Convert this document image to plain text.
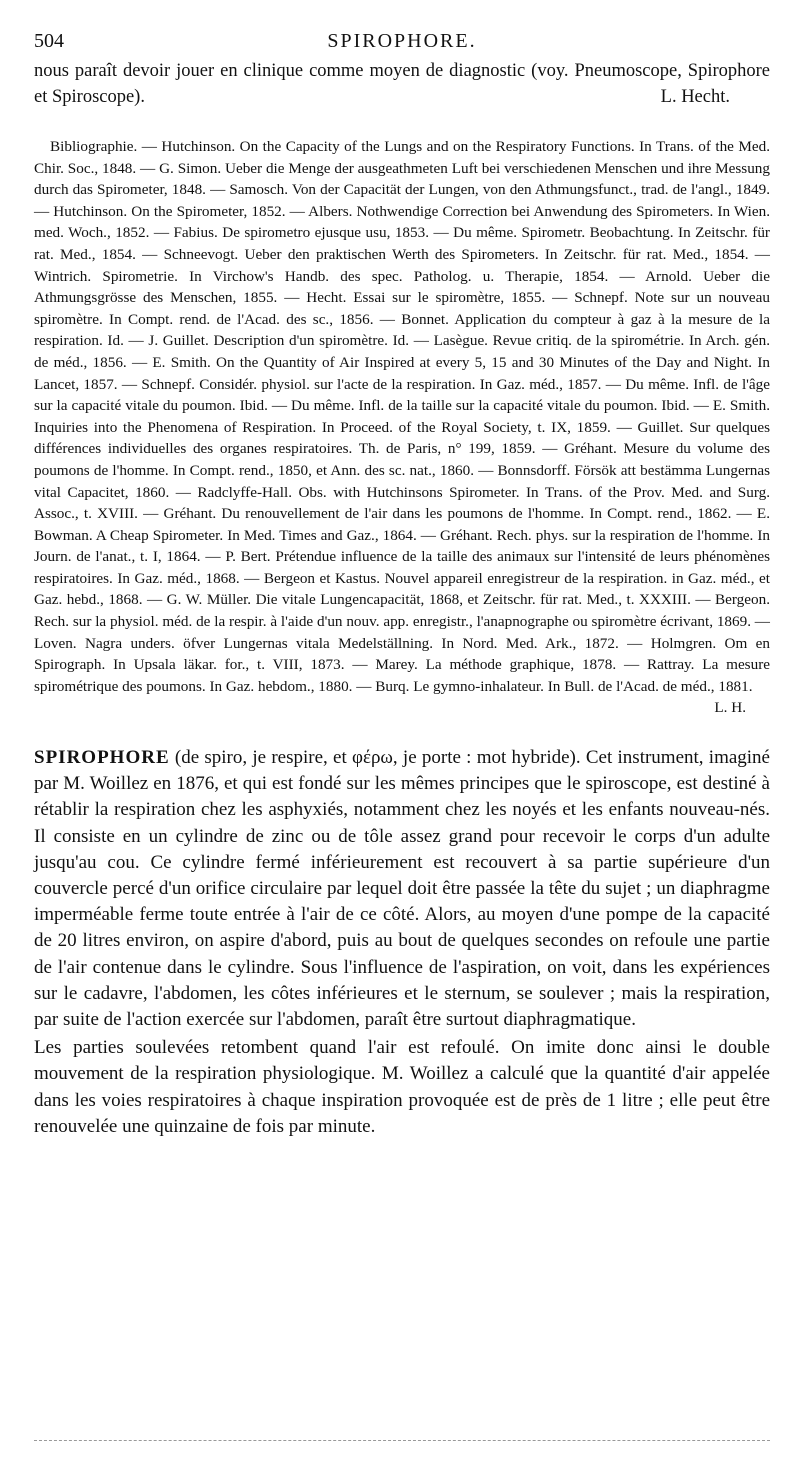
504	SPIROPHORE.

nous paraît devoir jouer en clinique comme moyen de diagnostic (voy. Pneumoscope, Spirophore et Spiroscope).	L. Hecht.

Bibliographie. — Hutchinson. On the Capacity of the Lungs and on the Respiratory Functions. In Trans. of the Med. Chir. Soc., 1848. — G. Simon. Ueber die Menge der ausgeathmeten Luft bei verschiedenen Menschen und ihre Messung durch das Spirometer, 1848. — Samosch. Von der Capacität der Lungen, von den Athmungsfunct., trad. de l'angl., 1849. — Hutchinson. On the Spirometer, 1852. — Albers. Nothwendige Correction bei Anwendung des Spirometers. In Wien. med. Woch., 1852. — Fabius. De spirometro ejusque usu, 1853. — Du même. Spirometr. Beobachtung. In Zeitschr. für rat. Med., 1854. — Schneevogt. Ueber den praktischen Werth des Spirometers. In Zeitschr. für rat. Med., 1854. — Wintrich. Spirometrie. In Virchow's Handb. des spec. Patholog. u. Therapie, 1854. — Arnold. Ueber die Athmungsgrösse des Menschen, 1855. — Hecht. Essai sur le spiromètre, 1855. — Schnepf. Note sur un nouveau spiromètre. In Compt. rend. de l'Acad. des sc., 1856. — Bonnet. Application du compteur à gaz à la mesure de la respiration. Id. — J. Guillet. Description d'un spiromètre. Id. — Lasègue. Revue critiq. de la spirométrie. In Arch. gén. de méd., 1856. — E. Smith. On the Quantity of Air Inspired at every 5, 15 and 30 Minutes of the Day and Night. In Lancet, 1857. — Schnepf. Considér. physiol. sur l'acte de la respiration. In Gaz. méd., 1857. — Du même. Infl. de l'âge sur la capacité vitale du poumon. Ibid. — Du même. Infl. de la taille sur la capacité vitale du poumon. Ibid. — E. Smith. Inquiries into the Phenomena of Respiration. In Proceed. of the Royal Society, t. IX, 1859. — Guillet. Sur quelques différences individuelles des organes respiratoires. Th. de Paris, n° 199, 1859. — Gréhant. Mesure du volume des poumons de l'homme. In Compt. rend., 1850, et Ann. des sc. nat., 1860. — Bonnsdorff. Försök att bestämma Lungernas vital Capacitet, 1860. — Radclyffe-Hall. Obs. with Hutchinsons Spirometer. In Trans. of the Prov. Med. and Surg. Assoc., t. XVIII. — Gréhant. Du renouvellement de l'air dans les poumons de l'homme. In Compt. rend., 1862. — E. Bowman. A Cheap Spirometer. In Med. Times and Gaz., 1864. — Gréhant. Rech. phys. sur la respiration de l'homme. In Journ. de l'anat., t. I, 1864. — P. Bert. Prétendue influence de la taille des animaux sur l'intensité de leurs phénomènes respiratoires. In Gaz. méd., 1868. — Bergeon et Kastus. Nouvel appareil enregistreur de la respiration. in Gaz. méd., et Gaz. hebd., 1868. — G. W. Müller. Die vitale Lungencapacität, 1868, et Zeitschr. für rat. Med., t. XXXIII. — Bergeon. Rech. sur la physiol. méd. de la respir. à l'aide d'un nouv. app. enregistr., l'anapnographe ou spiromètre écrivant, 1869. — Loven. Nagra unders. öfver Lungernas vitala Medelställning. In Nord. Med. Ark., 1872. — Holmgren. Om en Spirograph. In Upsala läkar. for., t. VIII, 1873. — Marey. La méthode graphique, 1878. — Rattray. La mesure spirométrique des poumons. In Gaz. hebdom., 1880. — Burq. Le gymno-inhalateur. In Bull. de l'Acad. de méd., 1881.
L. H.

SPIROPHORE (de spiro, je respire, et φέρω, je porte : mot hybride). Cet instrument, imaginé par M. Woillez en 1876, et qui est fondé sur les mêmes principes que le spiroscope, est destiné à rétablir la respiration chez les asphyxiés, notamment chez les noyés et les enfants nouveau-nés. Il consiste en un cylindre de zinc ou de tôle assez grand pour recevoir le corps d'un adulte jusqu'au cou. Ce cylindre fermé inférieurement est recouvert à sa partie supérieure d'un couvercle percé d'un orifice circulaire par lequel doit être passée la tête du sujet ; un diaphragme imperméable ferme toute entrée à l'air de ce côté. Alors, au moyen d'une pompe de la capacité de 20 litres environ, on aspire d'abord, puis au bout de quelques secondes on refoule une partie de l'air contenue dans le cylindre. Sous l'influence de l'aspiration, on voit, dans les expériences sur le cadavre, l'abdomen, les côtes inférieures et le sternum, se soulever ; mais la respiration, par suite de l'action exercée sur l'abdomen, paraît être surtout diaphragmatique.

Les parties soulevées retombent quand l'air est refoulé. On imite donc ainsi le double mouvement de la respiration physiologique. M. Woillez a calculé que la quantité d'air appelée dans les voies respiratoires à chaque inspiration provoquée est de près de 1 litre ; elle peut être renouvelée une quinzaine de fois par minute.
